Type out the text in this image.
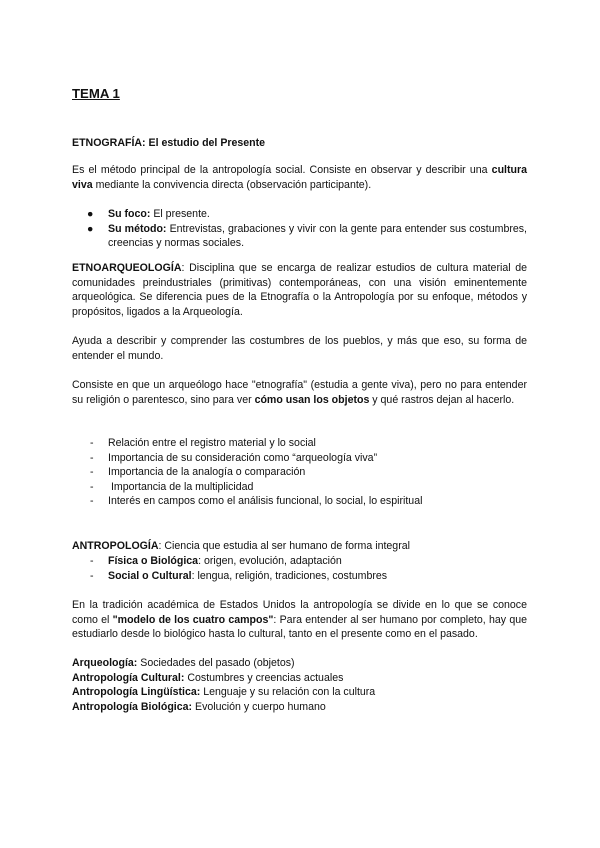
TEMA 1

ETNOGRAFÍA: El estudio del Presente

Es el método principal de la antropología social. Consiste en observar y describir una cultura viva mediante la convivencia directa (observación participante).

● Su foco: El presente.
● Su método: Entrevistas, grabaciones y vivir con la gente para entender sus costumbres, creencias y normas sociales.

ETNOARQUEOLOGÍA: Disciplina que se encarga de realizar estudios de cultura material de comunidades preindustriales (primitivas) contemporáneas, con una visión eminentemente arqueológica. Se diferencia pues de la Etnografía o la Antropología por su enfoque, métodos y propósitos, ligados a la Arqueología.

Ayuda a describir y comprender las costumbres de los pueblos, y más que eso, su forma de entender el mundo.

Consiste en que un arqueólogo hace "etnografía" (estudia a gente viva), pero no para entender su religión o parentesco, sino para ver cómo usan los objetos y qué rastros dejan al hacerlo.

- Relación entre el registro material y lo social
- Importancia de su consideración como “arqueología viva”
- Importancia de la analogía o comparación
- Importancia de la multiplicidad
- Interés en campos como el análisis funcional, lo social, lo espiritual

ANTROPOLOGÍA: Ciencia que estudia al ser humano de forma integral

- Física o Biológica: origen, evolución, adaptación
- Social o Cultural: lengua, religión, tradiciones, costumbres

En la tradición académica de Estados Unidos la antropología se divide en lo que se conoce como el "modelo de los cuatro campos": Para entender al ser humano por completo, hay que estudiarlo desde lo biológico hasta lo cultural, tanto en el presente como en el pasado.

Arqueología: Sociedades del pasado (objetos)
Antropología Cultural: Costumbres y creencias actuales
Antropología Lingüística: Lenguaje y su relación con la cultura
Antropología Biológica: Evolución y cuerpo humano
